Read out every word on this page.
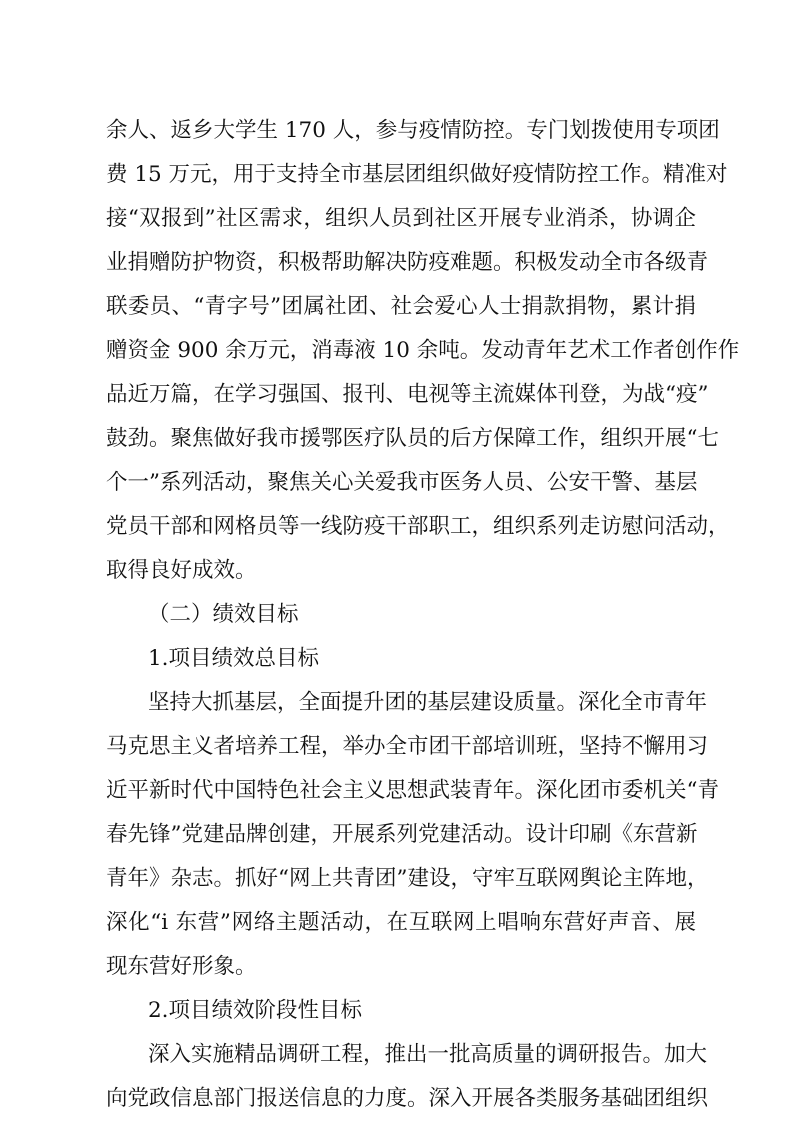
余人、返乡大学生 170 人，参与疫情防控。专门划拨使用专项团
费 15 万元，用于支持全市基层团组织做好疫情防控工作。精准对
接“双报到”社区需求，组织人员到社区开展专业消杀，协调企
业捐赠防护物资，积极帮助解决防疫难题。积极发动全市各级青
联委员、“青字号”团属社团、社会爱心人士捐款捐物，累计捐
赠资金 900 余万元，消毒液 10 余吨。发动青年艺术工作者创作作
品近万篇，在学习强国、报刊、电视等主流媒体刊登，为战“疫”
鼓劲。聚焦做好我市援鄂医疗队员的后方保障工作，组织开展“七
个一”系列活动，聚焦关心关爱我市医务人员、公安干警、基层
党员干部和网格员等一线防疫干部职工，组织系列走访慰问活动，
取得良好成效。
（二）绩效目标
1.项目绩效总目标
坚持大抓基层，全面提升团的基层建设质量。深化全市青年
马克思主义者培养工程，举办全市团干部培训班，坚持不懈用习
近平新时代中国特色社会主义思想武装青年。深化团市委机关“青
春先锋”党建品牌创建，开展系列党建活动。设计印刷《东营新
青年》杂志。抓好“网上共青团”建设，守牢互联网舆论主阵地，
深化“i 东营”网络主题活动，在互联网上唱响东营好声音、展
现东营好形象。
2.项目绩效阶段性目标
深入实施精品调研工程，推出一批高质量的调研报告。加大
向党政信息部门报送信息的力度。深入开展各类服务基础团组织
